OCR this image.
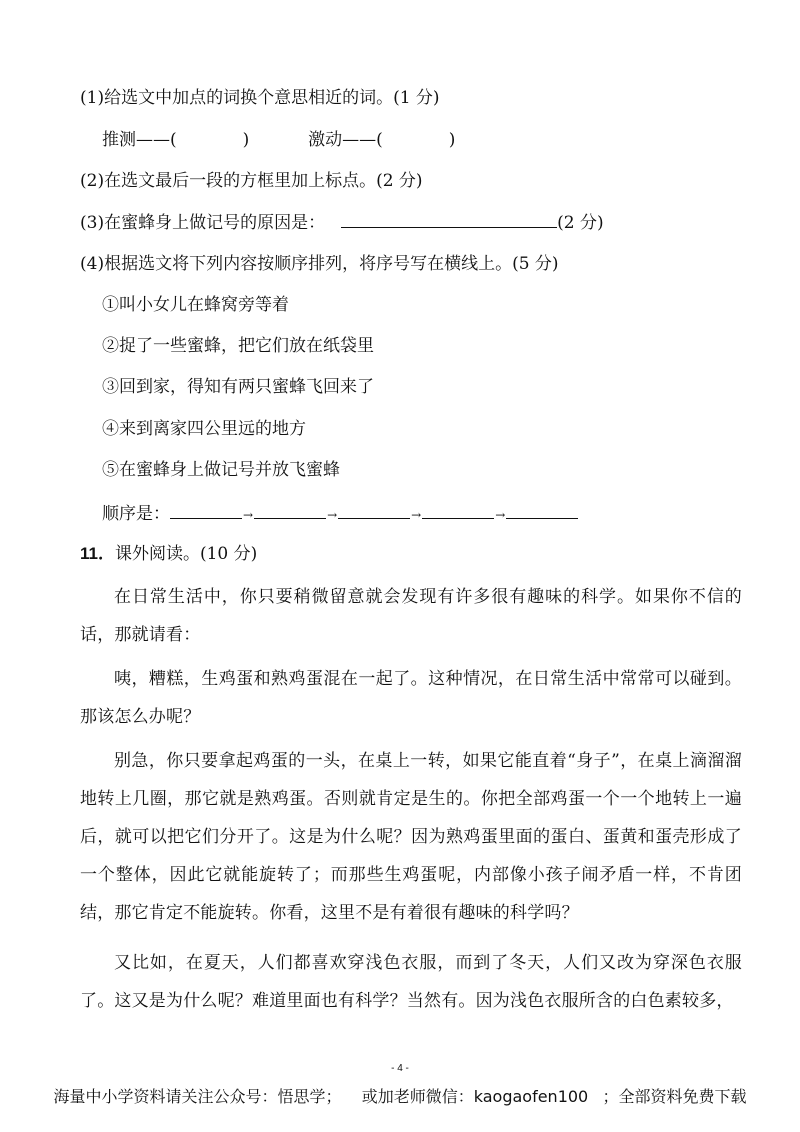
(1)给选文中加点的词换个意思相近的词。(1 分)
推测——(	)	激动——(	)
(2)在选文最后一段的方框里加上标点。(2 分)
(3)在蜜蜂身上做记号的原因是：	(2 分)
(4)根据选文将下列内容按顺序排列，将序号写在横线上。(5 分)
①叫小女儿在蜂窝旁等着
②捉了一些蜜蜂，把它们放在纸袋里
③回到家，得知有两只蜜蜂飞回来了
④来到离家四公里远的地方
⑤在蜜蜂身上做记号并放飞蜜蜂
顺序是：	→	→	→	→
11．课外阅读。(10 分)
在日常生活中，你只要稍微留意就会发现有许多很有趣味的科学。如果你不信的话，那就请看：
咦，糟糕，生鸡蛋和熟鸡蛋混在一起了。这种情况，在日常生活中常常可以碰到。那该怎么办呢？
别急，你只要拿起鸡蛋的一头，在桌上一转，如果它能直着“身子”，在桌上滴溜溜地转上几圈，那它就是熟鸡蛋。否则就肯定是生的。你把全部鸡蛋一个一个地转上一遍后，就可以把它们分开了。这是为什么呢？因为熟鸡蛋里面的蛋白、蛋黄和蛋壳形成了一个整体，因此它就能旋转了；而那些生鸡蛋呢，内部像小孩子闹矛盾一样，不肯团结，那它肯定不能旋转。你看，这里不是有着很有趣味的科学吗？
又比如，在夏天，人们都喜欢穿浅色衣服，而到了冬天，人们又改为穿深色衣服了。这又是为什么呢？难道里面也有科学？当然有。因为浅色衣服所含的白色素较多，
- 4 -
海量中小学资料请关注公众号：悟思学； 或加老师微信：kaogaofen100 ；全部资料免费下载
